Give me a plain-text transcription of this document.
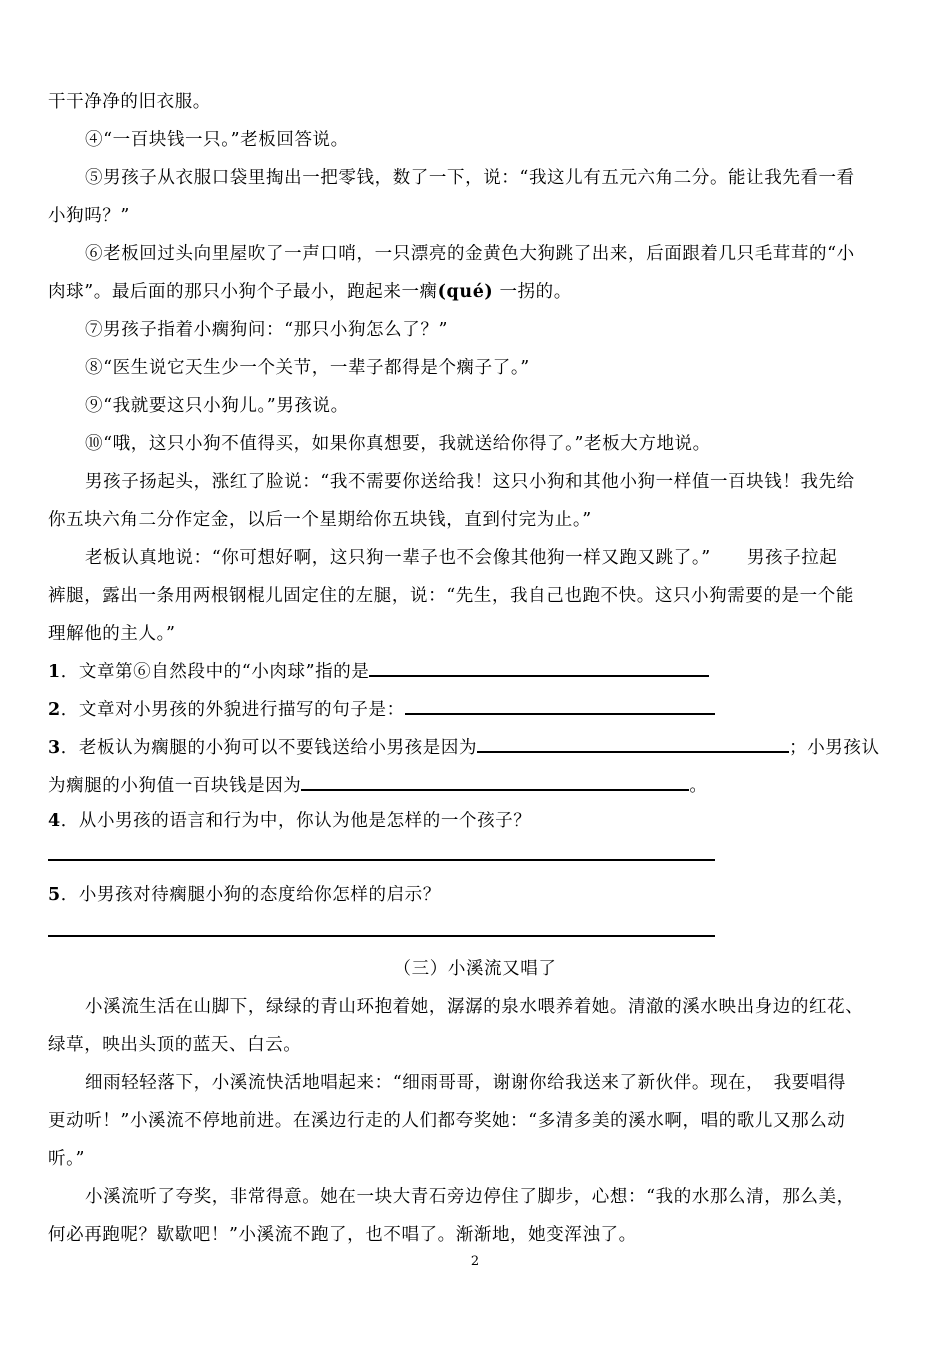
干干净净的旧衣服。
④“一百块钱一只。”老板回答说。
⑤男孩子从衣服口袋里掏出一把零钱，数了一下，说：“我这儿有五元六角二分。能让我先看一看
小狗吗？”
⑥老板回过头向里屋吹了一声口哨，一只漂亮的金黄色大狗跳了出来，后面跟着几只毛茸茸的“小
肉球”。最后面的那只小狗个子最小，跑起来一瘸(qué) 一拐的。
⑦男孩子指着小瘸狗问：“那只小狗怎么了？”
⑧“医生说它天生少一个关节，一辈子都得是个瘸子了。”
⑨“我就要这只小狗儿。”男孩说。
⑩“哦，这只小狗不值得买，如果你真想要，我就送给你得了。”老板大方地说。
男孩子扬起头，涨红了脸说：“我不需要你送给我！这只小狗和其他小狗一样值一百块钱！我先给
你五块六角二分作定金，以后一个星期给你五块钱，直到付完为止。”
老板认真地说：“你可想好啊，这只狗一辈子也不会像其他狗一样又跑又跳了。”　　男孩子拉起
裤腿，露出一条用两根钢棍儿固定住的左腿，说：“先生，我自己也跑不快。这只小狗需要的是一个能
理解他的主人。”
1．文章第⑥自然段中的“小肉球”指的是
2．文章对小男孩的外貌进行描写的句子是：
3．老板认为瘸腿的小狗可以不要钱送给小男孩是因为	；小男孩认
为瘸腿的小狗值一百块钱是因为	。
4．从小男孩的语言和行为中，你认为他是怎样的一个孩子？
5．小男孩对待瘸腿小狗的态度给你怎样的启示？
（三）小溪流又唱了
小溪流生活在山脚下，绿绿的青山环抱着她，潺潺的泉水喂养着她。清澈的溪水映出身边的红花、
绿草，映出头顶的蓝天、白云。
细雨轻轻落下，小溪流快活地唱起来：“细雨哥哥，谢谢你给我送来了新伙伴。现在，　我要唱得
更动听！”小溪流不停地前进。在溪边行走的人们都夸奖她：“多清多美的溪水啊，唱的歌儿又那么动
听。”
小溪流听了夸奖，非常得意。她在一块大青石旁边停住了脚步，心想：“我的水那么清，那么美，
何必再跑呢？歇歇吧！”小溪流不跑了，也不唱了。渐渐地，她变浑浊了。
2
